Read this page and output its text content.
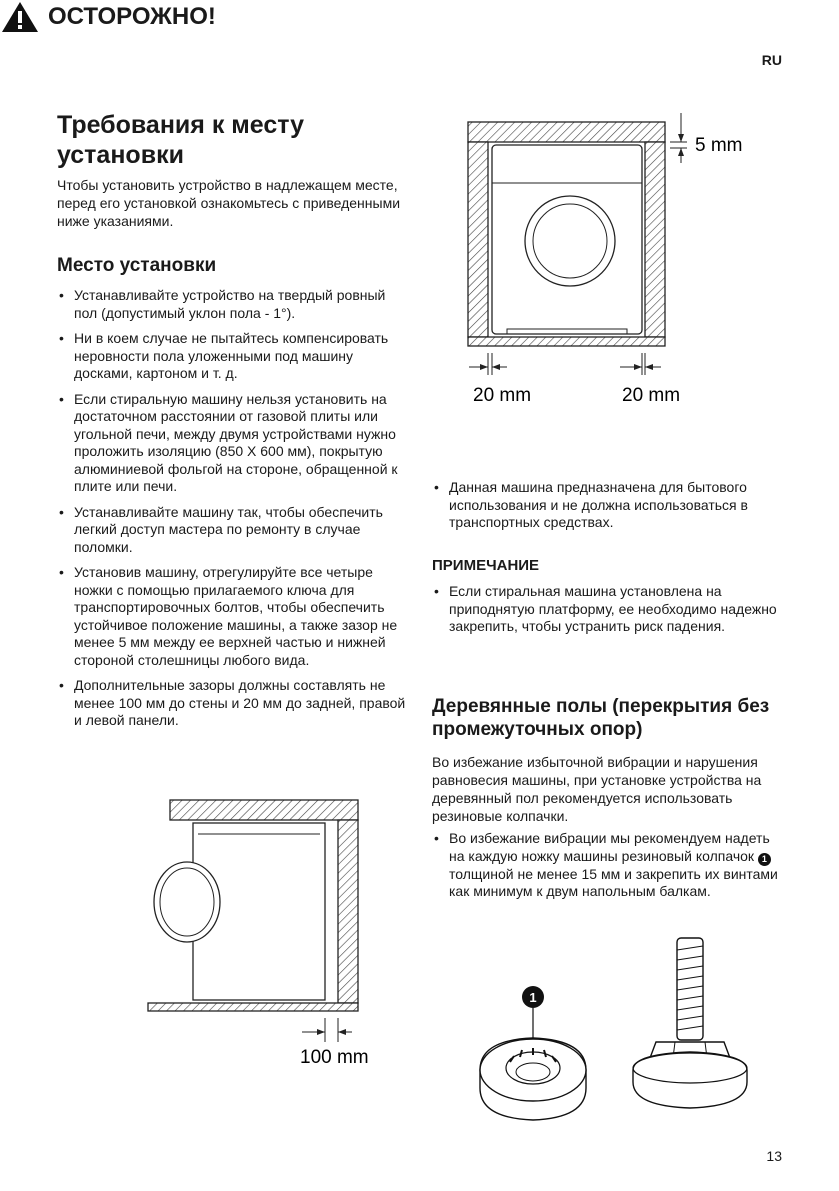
RU
Требования к месту установки

Чтобы установить устройство в надлежащем месте, перед его установкой ознакомьтесь с приведенными ниже указаниями.

Место установки
• Устанавливайте устройство на твердый ровный пол (допустимый уклон пола - 1°).
• Ни в коем случае не пытайтесь компенсировать неровности пола уложенными под машину досками, картоном и т. д.
• Если стиральную машину нельзя установить на достаточном расстоянии от газовой плиты или угольной печи, между двумя устройствами нужно проложить изоляцию (850 X 600 мм), покрытую алюминиевой фольгой на стороне, обращенной к плите или печи.
• Устанавливайте машину так, чтобы обеспечить легкий доступ мастера по ремонту в случае поломки.
• Установив машину, отрегулируйте все четыре ножки с помощью прилагаемого ключа для транспортировочных болтов, чтобы обеспечить устойчивое положение машины, а также зазор не менее 5 мм между ее верхней частью и нижней стороной столешницы любого вида.
• Дополнительные зазоры должны составлять не менее 100 мм до стены и 20 мм до задней, правой и левой панели.
100 mm
5 mm
20 mm	20 mm
ОСТОРОЖНО!
• Данная машина предназначена для бытового использования и не должна использоваться в транспортных средствах.
ПРИМЕЧАНИЕ
• Если стиральная машина установлена на приподнятую платформу, ее необходимо надежно закрепить, чтобы устранить риск падения.
Деревянные полы (перекрытия без промежуточных опор)

Во избежание избыточной вибрации и нарушения равновесия машины, при установке устройства на деревянный пол рекомендуется использовать резиновые колпачки.

• Во избежание вибрации мы рекомендуем надеть на каждую ножку машины резиновый колпачок 1 толщиной не менее 15 мм и закрепить их винтами как минимум к двум напольным балкам.
1
13
